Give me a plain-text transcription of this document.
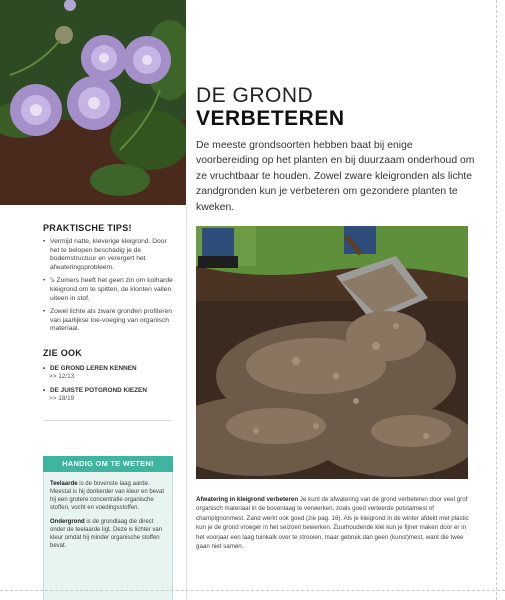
DE GROND
VERBETEREN
De meeste grondsoorten hebben baat bij enige voorbereiding op het planten en bij duurzaam onderhoud om ze vruchtbaar te houden. Zowel zware kleigronden als lichte zandgronden kun je verbeteren om gezondere planten te kweken.
PRAKTISCHE TIPS!
• Vermijd natte, kleverige kleigrond. Door het te belopen beschadig je de bodemstructuur en verergert het afwateringsprobleem.
• 's Zomers heeft het geen zin om kolharde kleigrond om te spitten, de klonten vallen uiteen in stof.
• Zowel lichte als zware gronden profiteren van jaarlijkse toe-voeging van organisch materiaal.
ZIE OOK
• DE GROND LEREN KENNEN
>> 12/13
• DE JUISTE POTGROND KIEZEN
>> 18/19
HANDIG OM TE WETEN!

Teelaarde is de bovenste laag aarde. Meestal is hij donkerder van kleur en bevat hij een grotere concentratie organische stoffen, vocht en voedingsstoffen.

Ondergrond is de grondlaag die direct onder de teelaarde ligt. Deze is lichter van kleur omdat hij minder organische stoffen bevat.

Afwatering in kleigrond verbeteren Je kunt de afwatering van de grond verbeteren door veel grof organisch materiaal in de bovenlaag te verwerken, zoals goed verteerde potstalmest of champignonmest. Zand werkt ook goed (zie pag. 16). Als je kleigrond in de winter afdekt met plastic kun je de grond vroeger in het seizoen bewerken. Zuurhoudende klei kun je fijner maken door er in het voorjaar een laag tuinkalk over te strooien, maar gebruik dan geen (kunst)mest, want die twee gaan niet samen.
